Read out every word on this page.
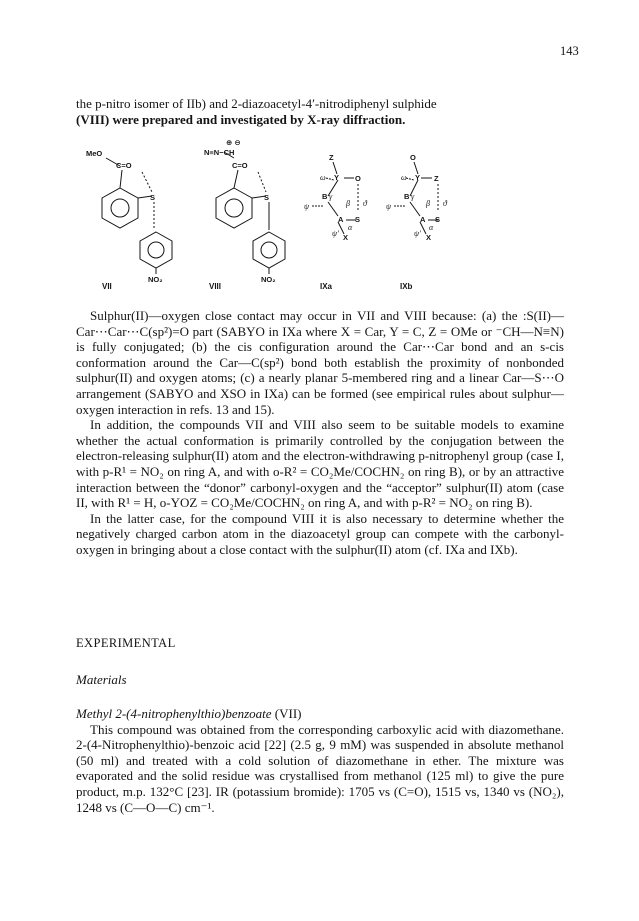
143

the p-nitro isomer of IIb) and 2-diazoacetyl-4′-nitrodiphenyl sulphide

(VIII) were prepared and investigated by X-ray diffraction.

MeO
C=O
S
NO₂
⊕ ⊖
N≡N−CH
C=O
S
NO₂
Z
ω Y O
B γ
β ϑ
ψ
A S
α
ψ′ X
O
ω Y Z
B γ
β ϑ
ψ
A S
α
ψ′ X
VII	VIII	IXa	IXb

Sulphur(II)—oxygen close contact may occur in VII and VIII because: (a) the :S(II)—Car⋯Car⋯C(sp²)=O part (SABYO in IXa where X = Car, Y = C, Z = OMe or ⁻CH—N≡N) is fully conjugated; (b) the cis configuration around the Car⋯Car bond and an s-cis conformation around the Car—C(sp²) bond both establish the proximity of nonbonded sulphur(II) and oxygen atoms; (c) a nearly planar 5-membered ring and a linear Car—S⋯O arrangement (SABYO and XSO in IXa) can be formed (see empirical rules about sulphur—oxygen interaction in refs. 13 and 15).

In addition, the compounds VII and VIII also seem to be suitable models to examine whether the actual conformation is primarily controlled by the conjugation between the electron-releasing sulphur(II) atom and the electron-withdrawing p-nitrophenyl group (case I, with p-R¹ = NO₂ on ring A, and with o-R² = CO₂Me/COCHN₂ on ring B), or by an attractive interaction between the “donor” carbonyl-oxygen and the “acceptor” sulphur(II) atom (case II, with R¹ = H, o-YOZ = CO₂Me/COCHN₂ on ring A, and with p-R² = NO₂ on ring B).

In the latter case, for the compound VIII it is also necessary to determine whether the negatively charged carbon atom in the diazoacetyl group can compete with the carbonyl-oxygen in bringing about a close contact with the sulphur(II) atom (cf. IXa and IXb).

EXPERIMENTAL
Materials

Methyl 2-(4-nitrophenylthio)benzoate (VII)

This compound was obtained from the corresponding carboxylic acid with diazomethane. 2-(4-Nitrophenylthio)-benzoic acid [22] (2.5 g, 9 mM) was suspended in absolute methanol (50 ml) and treated with a cold solution of diazomethane in ether. The mixture was evaporated and the solid residue was crystallised from methanol (125 ml) to give the pure product, m.p. 132°C [23]. IR (potassium bromide): 1705 vs (C=O), 1515 vs, 1340 vs (NO₂), 1248 vs (C—O—C) cm⁻¹.
